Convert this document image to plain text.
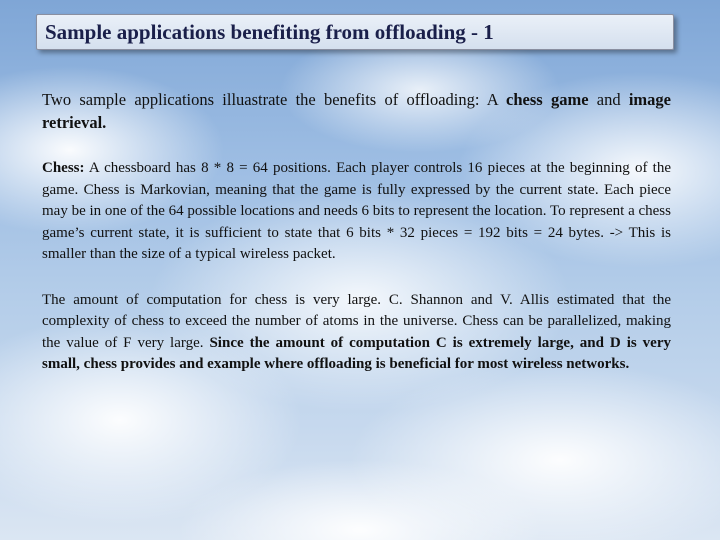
Sample applications benefiting from offloading - 1

Two sample applications illuastrate the benefits of offloading: A chess game and image retrieval.

Chess: A chessboard has 8 * 8 = 64 positions. Each player controls 16 pieces at the beginning of the game. Chess is Markovian, meaning that the game is fully expressed by the current state. Each piece may be in one of the 64 possible locations and needs 6 bits to represent the location. To represent a chess game’s current state, it is sufficient to state that 6 bits * 32 pieces = 192 bits = 24 bytes. -> This is smaller than the size of a typical wireless packet.

The amount of computation for chess is very large. C. Shannon and V. Allis estimated that the complexity of chess to exceed the number of atoms in the universe. Chess can be parallelized, making the value of F very large. Since the amount of computation C is extremely large, and D is very small, chess provides and example where offloading is beneficial for most wireless networks.
